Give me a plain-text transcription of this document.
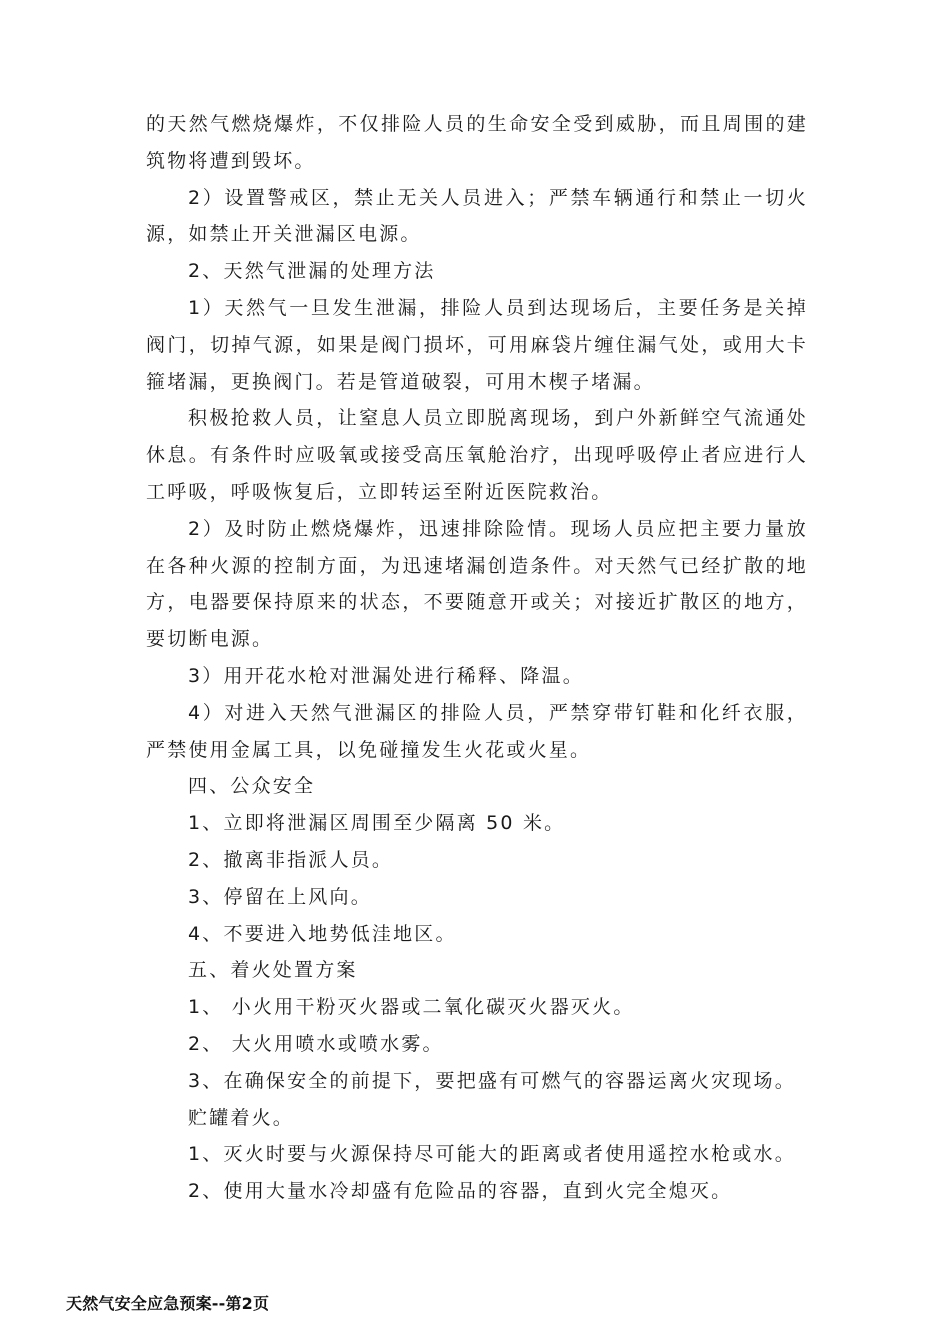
的天然气燃烧爆炸，不仅排险人员的生命安全受到威胁，而且周围的建筑物将遭到毁坏。

2）设置警戒区，禁止无关人员进入；严禁车辆通行和禁止一切火源，如禁止开关泄漏区电源。

2、天然气泄漏的处理方法

1）天然气一旦发生泄漏，排险人员到达现场后，主要任务是关掉阀门，切掉气源，如果是阀门损坏，可用麻袋片缠住漏气处，或用大卡箍堵漏，更换阀门。若是管道破裂，可用木楔子堵漏。

积极抢救人员，让窒息人员立即脱离现场，到户外新鲜空气流通处休息。有条件时应吸氧或接受高压氧舱治疗，出现呼吸停止者应进行人工呼吸，呼吸恢复后，立即转运至附近医院救治。

2）及时防止燃烧爆炸，迅速排除险情。现场人员应把主要力量放在各种火源的控制方面，为迅速堵漏创造条件。对天然气已经扩散的地方，电器要保持原来的状态，不要随意开或关；对接近扩散区的地方，要切断电源。

3）用开花水枪对泄漏处进行稀释、降温。

4）对进入天然气泄漏区的排险人员，严禁穿带钉鞋和化纤衣服，严禁使用金属工具，以免碰撞发生火花或火星。

四、公众安全

1、立即将泄漏区周围至少隔离 50 米。

2、撤离非指派人员。

3、停留在上风向。

4、不要进入地势低洼地区。

五、着火处置方案

1、 小火用干粉灭火器或二氧化碳灭火器灭火。

2、 大火用喷水或喷水雾。

3、在确保安全的前提下，要把盛有可燃气的容器运离火灾现场。

贮罐着火。

1、灭火时要与火源保持尽可能大的距离或者使用遥控水枪或水。

2、使用大量水冷却盛有危险品的容器，直到火完全熄灭。

天然气安全应急预案--第2页
